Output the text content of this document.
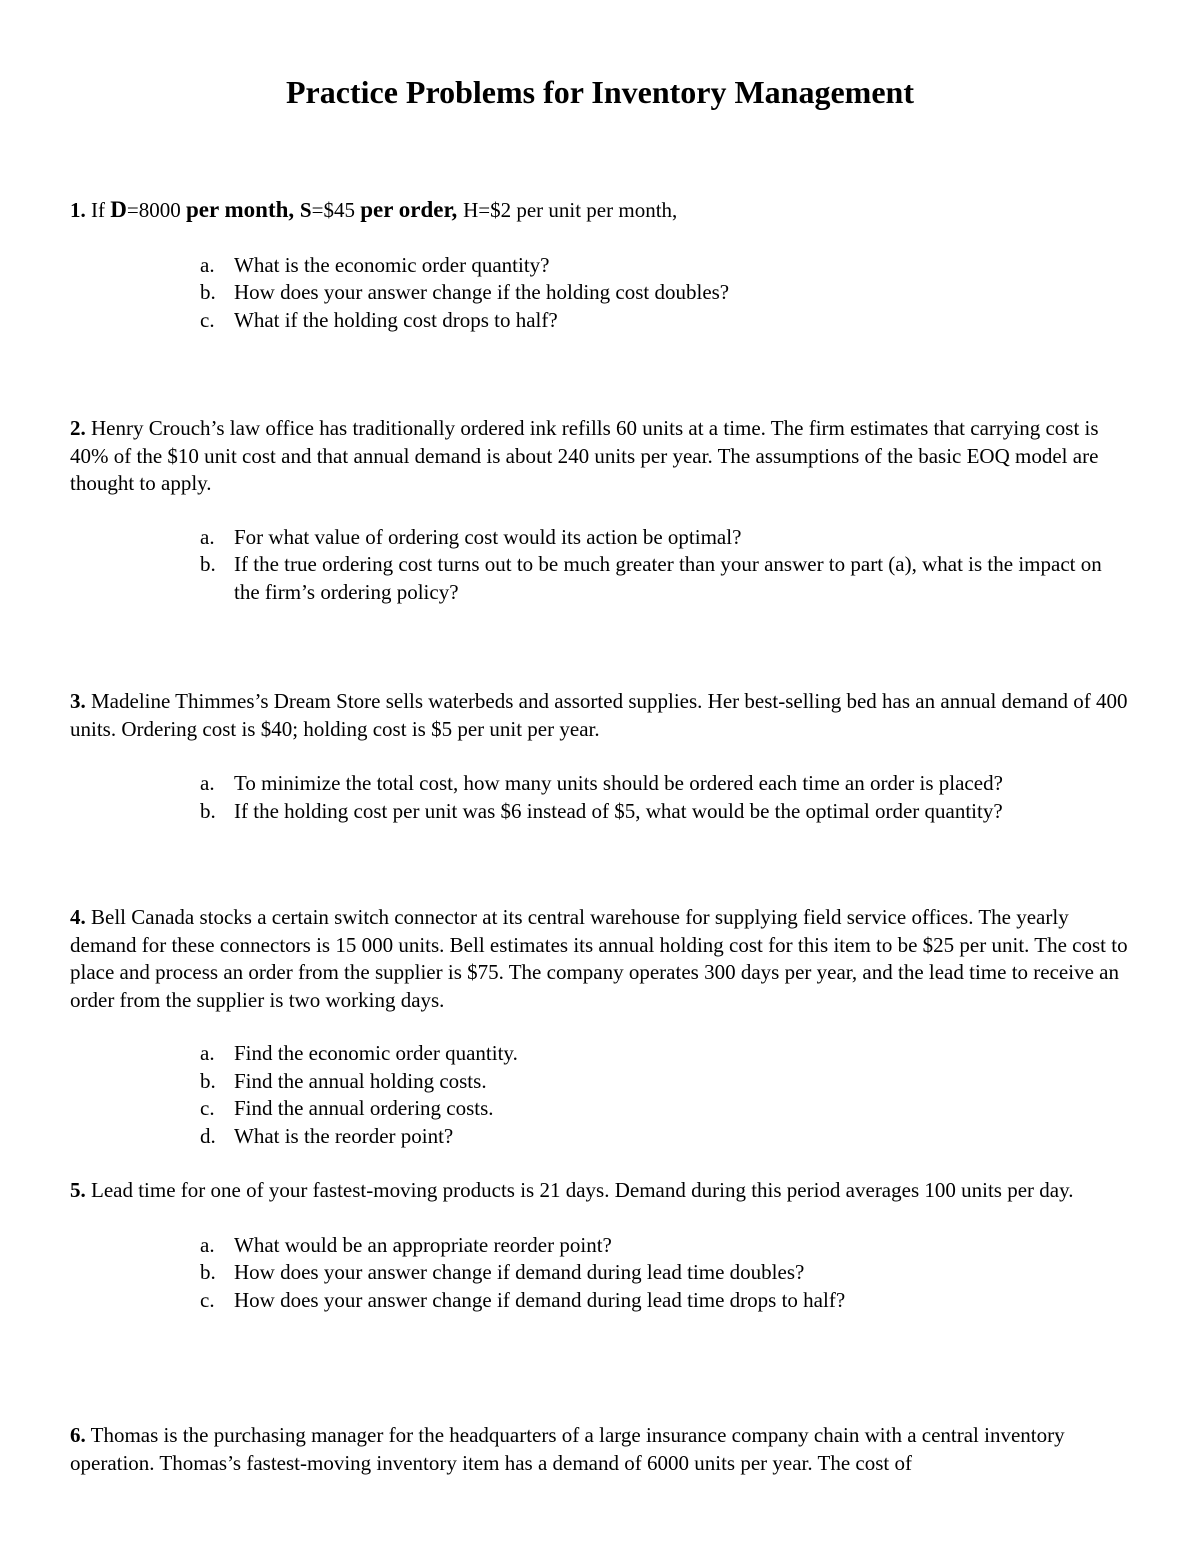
Practice Problems for Inventory Management

1. If D=8000 per month, S=$45 per order, H=$2 per unit per month,

a. What is the economic order quantity?
b. How does your answer change if the holding cost doubles?
c. What if the holding cost drops to half?

2. Henry Crouch’s law office has traditionally ordered ink refills 60 units at a time. The firm estimates that carrying cost is 40% of the $10 unit cost and that annual demand is about 240 units per year. The assumptions of the basic EOQ model are thought to apply.

a. For what value of ordering cost would its action be optimal?
b. If the true ordering cost turns out to be much greater than your answer to part (a), what is the impact on the firm’s ordering policy?

3. Madeline Thimmes’s Dream Store sells waterbeds and assorted supplies. Her best-selling bed has an annual demand of 400 units. Ordering cost is $40; holding cost is $5 per unit per year.

a. To minimize the total cost, how many units should be ordered each time an order is placed?
b. If the holding cost per unit was $6 instead of $5, what would be the optimal order quantity?

4. Bell Canada stocks a certain switch connector at its central warehouse for supplying field service offices. The yearly demand for these connectors is 15 000 units. Bell estimates its annual holding cost for this item to be $25 per unit. The cost to place and process an order from the supplier is $75. The company operates 300 days per year, and the lead time to receive an order from the supplier is two working days.

a. Find the economic order quantity.
b. Find the annual holding costs.
c. Find the annual ordering costs.
d. What is the reorder point?

5. Lead time for one of your fastest-moving products is 21 days. Demand during this period averages 100 units per day.

a. What would be an appropriate reorder point?
b. How does your answer change if demand during lead time doubles?
c. How does your answer change if demand during lead time drops to half?

6. Thomas is the purchasing manager for the headquarters of a large insurance company chain with a central inventory operation. Thomas’s fastest-moving inventory item has a demand of 6000 units per year. The cost of
